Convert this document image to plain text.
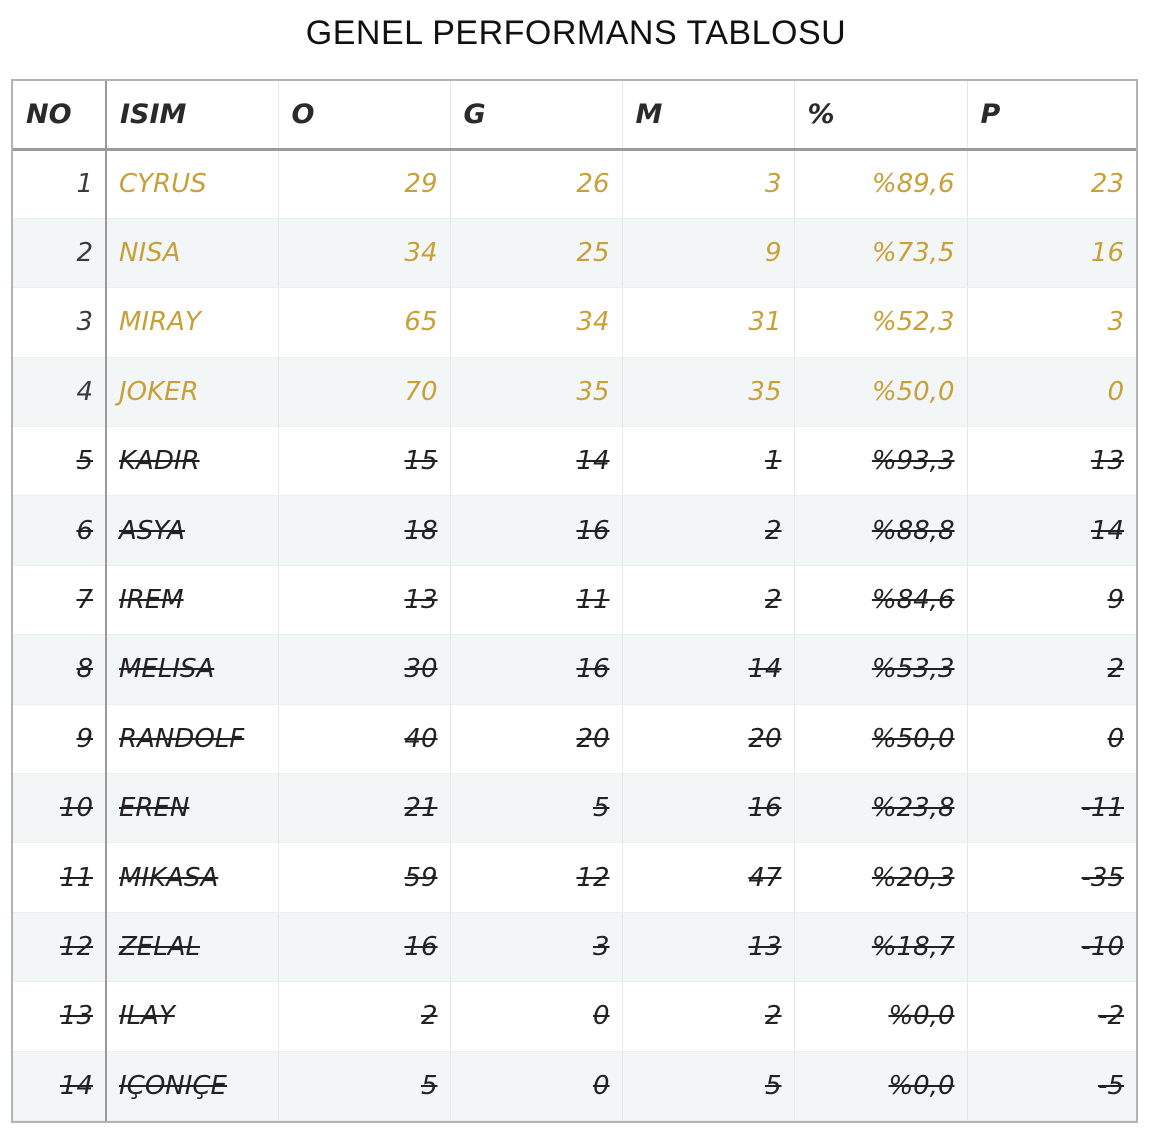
GENEL PERFORMANS TABLOSU
NO	ISIM	O	G	M	%	P
1	CYRUS	29	26	3	%89,6	23
2	NISA	34	25	9	%73,5	16
3	MIRAY	65	34	31	%52,3	3
4	JOKER	70	35	35	%50,0	0
5	KADIR	15	14	1	%93,3	13
6	ASYA	18	16	2	%88,8	14
7	IREM	13	11	2	%84,6	9
8	MELISA	30	16	14	%53,3	2
9	RANDOLF	40	20	20	%50,0	0
10	EREN	21	5	16	%23,8	-11
11	MIKASA	59	12	47	%20,3	-35
12	ZELAL	16	3	13	%18,7	-10
13	ILAY	2	0	2	%0,0	-2
14	IÇONIÇE	5	0	5	%0,0	-5
